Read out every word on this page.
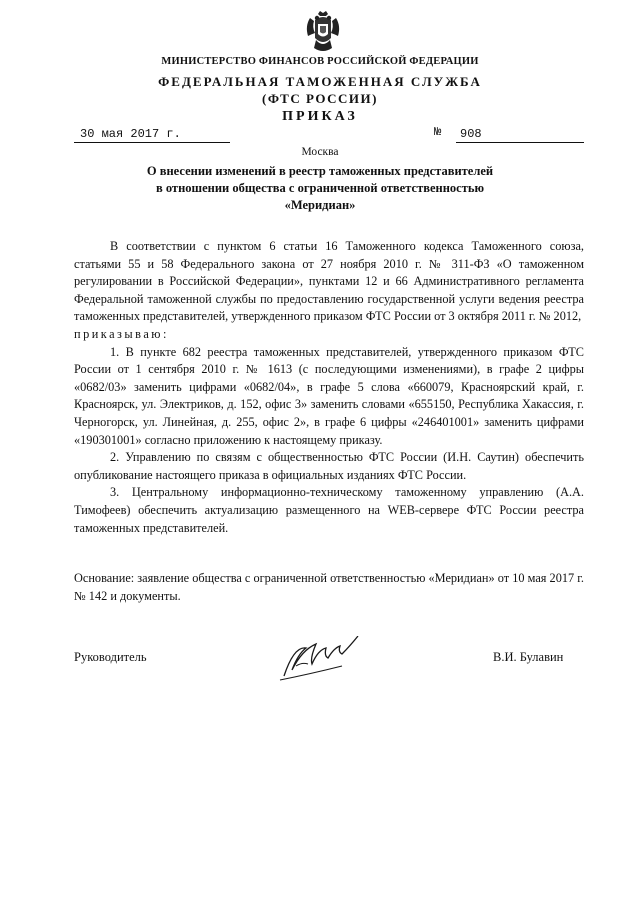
МИНИСТЕРСТВО ФИНАНСОВ РОССИЙСКОЙ ФЕДЕРАЦИИ
ФЕДЕРАЛЬНАЯ ТАМОЖЕННАЯ СЛУЖБА
(ФТС РОССИИ)
ПРИКАЗ
30 мая 2017 г.	№	908
Москва
О внесении изменений в реестр таможенных представителей
в отношении общества с ограниченной ответственностью
«Меридиан»

В соответствии с пунктом 6 статьи 16 Таможенного кодекса Таможенного союза, статьями 55 и 58 Федерального закона от 27 ноября 2010 г. № 311-ФЗ «О таможенном регулировании в Российской Федерации», пунктами 12 и 66 Административного регламента Федеральной таможенной службы по предоставлению государственной услуги ведения реестра таможенных представителей, утвержденного приказом ФТС России от 3 октября 2011 г. № 2012,

приказываю:

1. В пункте 682 реестра таможенных представителей, утвержденного приказом ФТС России от 1 сентября 2010 г. № 1613 (с последующими изменениями), в графе 2 цифры «0682/03» заменить цифрами «0682/04», в графе 5 слова «660079, Красноярский край, г. Красноярск, ул. Электриков, д. 152, офис 3» заменить словами «655150, Республика Хакассия, г. Черногорск, ул. Линейная, д. 255, офис 2», в графе 6 цифры «246401001» заменить цифрами «190301001» согласно приложению к настоящему приказу.

2. Управлению по связям с общественностью ФТС России (И.Н. Саутин) обеспечить опубликование настоящего приказа в официальных изданиях ФТС России.

3. Центральному информационно-техническому таможенному управлению (А.А. Тимофеев) обеспечить актуализацию размещенного на WEB-сервере ФТС России реестра таможенных представителей.

Основание: заявление общества с ограниченной ответственностью «Меридиан» от 10 мая 2017 г. № 142 и документы.

Руководитель	В.И. Булавин
